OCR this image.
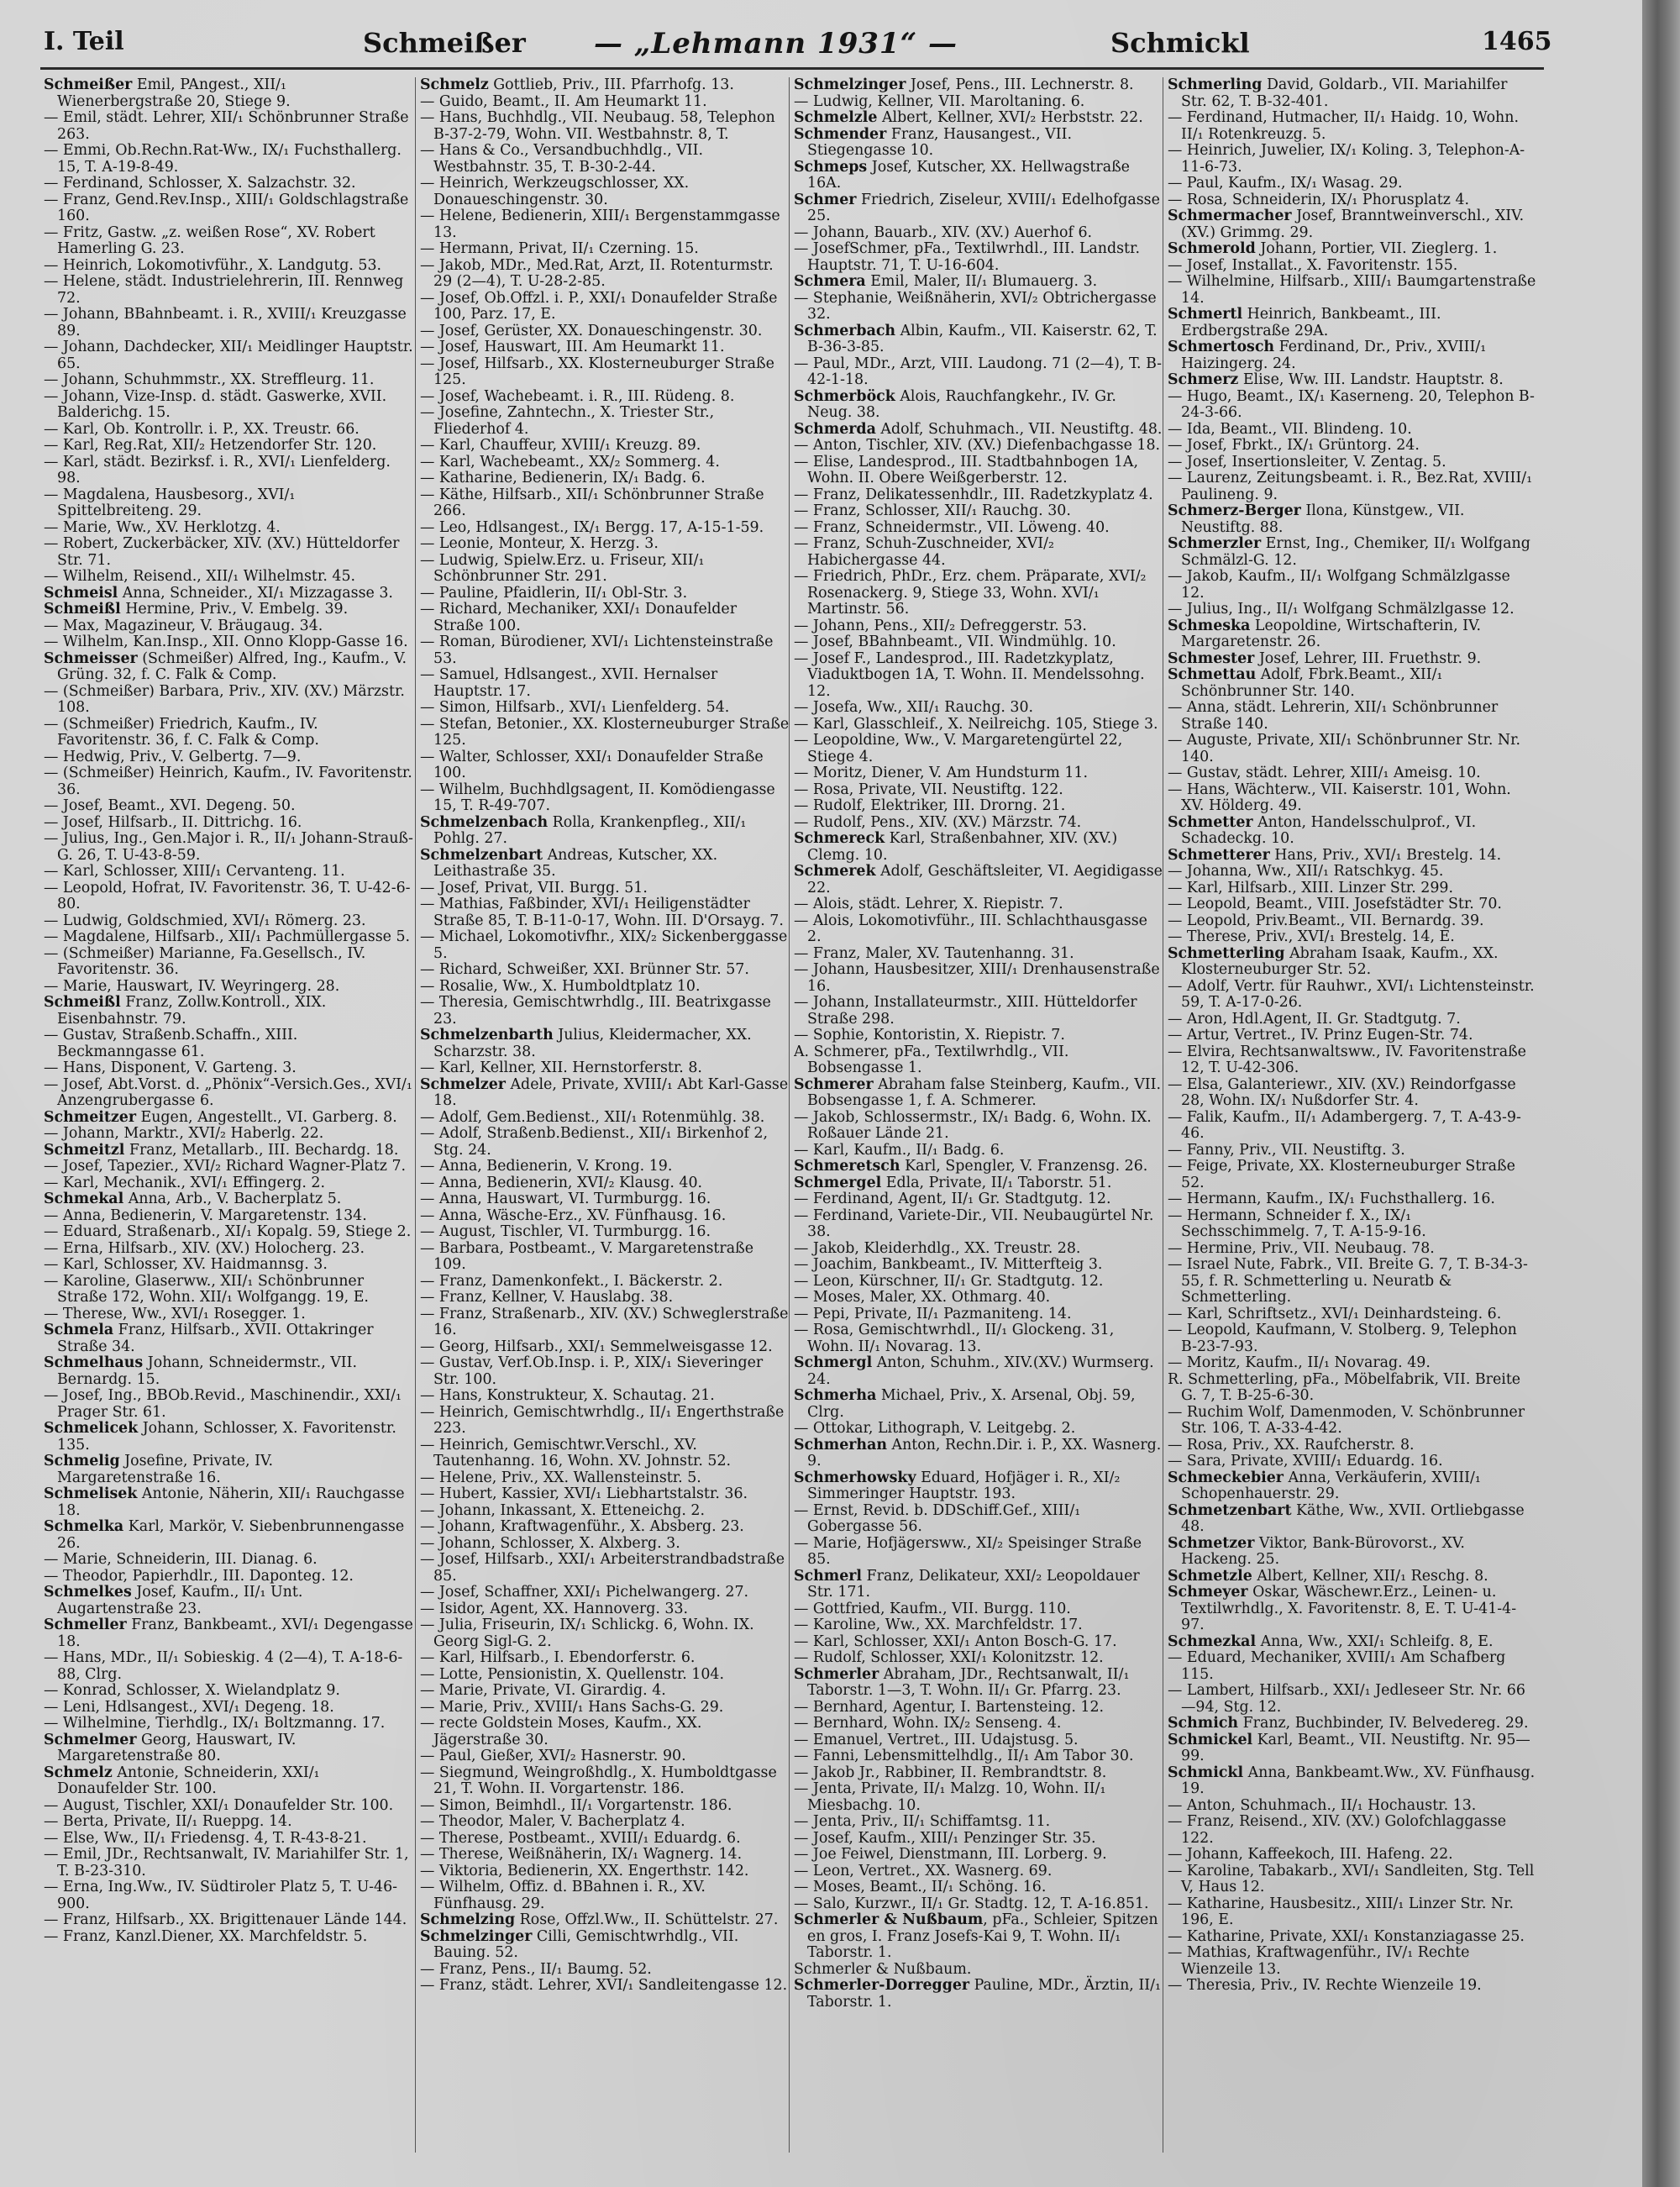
I. Teil	Schmeißer — „Lehmann 1931“ —	Schmickl	1465

Schmeißer Emil, PAngest., XII/₁ Wienerbergstraße 20, Stiege 9.

— Emil, städt. Lehrer, XII/₁ Schönbrunner Straße 263.

— Emmi, Ob.Rechn.Rat-Ww., IX/₁ Fuchsthallerg. 15, T. A-19-8-49.

— Ferdinand, Schlosser, X. Salzachstr. 32.

— Franz, Gend.Rev.Insp., XIII/₁ Goldschlagstraße 160.

— Fritz, Gastw. „z. weißen Rose“, XV. Robert Hamerling G. 23.

— Heinrich, Lokomotivführ., X. Landgutg. 53.

— Helene, städt. Industrielehrerin, III. Rennweg 72.

— Johann, BBahnbeamt. i. R., XVIII/₁ Kreuzgasse 89.

— Johann, Dachdecker, XII/₁ Meidlinger Hauptstr. 65.

— Johann, Schuhmmstr., XX. Streffleurg. 11.

— Johann, Vize-Insp. d. städt. Gaswerke, XVII. Balderichg. 15.

— Karl, Ob. Kontrollr. i. P., XX. Treustr. 66.

— Karl, Reg.Rat, XII/₂ Hetzendorfer Str. 120.

— Karl, städt. Bezirksf. i. R., XVI/₁ Lienfelderg. 98.

— Magdalena, Hausbesorg., XVI/₁ Spittelbreiteng. 29.

— Marie, Ww., XV. Herklotzg. 4.

— Robert, Zuckerbäcker, XIV. (XV.) Hütteldorfer Str. 71.

— Wilhelm, Reisend., XII/₁ Wilhelmstr. 45.

Schmeisl Anna, Schneider., XI/₁ Mizzagasse 3.

Schmeißl Hermine, Priv., V. Embelg. 39.

— Max, Magazineur, V. Bräugaug. 34.

— Wilhelm, Kan.Insp., XII. Onno Klopp-Gasse 16.

Schmeisser (Schmeißer) Alfred, Ing., Kaufm., V. Grüng. 32, f. C. Falk & Comp.

— (Schmeißer) Barbara, Priv., XIV. (XV.) Märzstr. 108.

— (Schmeißer) Friedrich, Kaufm., IV. Favoritenstr. 36, f. C. Falk & Comp.

— Hedwig, Priv., V. Gelbertg. 7—9.

— (Schmeißer) Heinrich, Kaufm., IV. Favoritenstr. 36.

— Josef, Beamt., XVI. Degeng. 50.

— Josef, Hilfsarb., II. Dittrichg. 16.

— Julius, Ing., Gen.Major i. R., II/₁ Johann-Strauß-G. 26, T. U-43-8-59.

— Karl, Schlosser, XIII/₁ Cervanteng. 11.

— Leopold, Hofrat, IV. Favoritenstr. 36, T. U-42-6-80.

— Ludwig, Goldschmied, XVI/₁ Römerg. 23.

— Magdalene, Hilfsarb., XII/₁ Pachmüllergasse 5.

— (Schmeißer) Marianne, Fa.Gesellsch., IV. Favoritenstr. 36.

— Marie, Hauswart, IV. Weyringerg. 28.

Schmeißl Franz, Zollw.Kontroll., XIX. Eisenbahnstr. 79.

— Gustav, Straßenb.Schaffn., XIII. Beckmanngasse 61.

— Hans, Disponent, V. Garteng. 3.

— Josef, Abt.Vorst. d. „Phönix“-Versich.Ges., XVI/₁ Anzengrubergasse 6.

Schmeitzer Eugen, Angestellt., VI. Garberg. 8.

— Johann, Marktr., XVI/₂ Haberlg. 22.

Schmeitzl Franz, Metallarb., III. Bechardg. 18.

— Josef, Tapezier., XVI/₂ Richard Wagner-Platz 7.

— Karl, Mechanik., XVI/₁ Effingerg. 2.

Schmekal Anna, Arb., V. Bacherplatz 5.

— Anna, Bedienerin, V. Margaretenstr. 134.

— Eduard, Straßenarb., XI/₁ Kopalg. 59, Stiege 2.

— Erna, Hilfsarb., XIV. (XV.) Holocherg. 23.

— Karl, Schlosser, XV. Haidmannsg. 3.

— Karoline, Glaserww., XII/₁ Schönbrunner Straße 172, Wohn. XII/₁ Wolfgangg. 19, E.

— Therese, Ww., XVI/₁ Rosegger. 1.

Schmela Franz, Hilfsarb., XVII. Ottakringer Straße 34.

Schmelhaus Johann, Schneidermstr., VII. Bernardg. 15.

— Josef, Ing., BBOb.Revid., Maschinendir., XXI/₁ Prager Str. 61.

Schmelicek Johann, Schlosser, X. Favoritenstr. 135.

Schmelig Josefine, Private, IV. Margaretenstraße 16.

Schmelisek Antonie, Näherin, XII/₁ Rauchgasse 18.

Schmelka Karl, Markör, V. Siebenbrunnengasse 26.

— Marie, Schneiderin, III. Dianag. 6.

— Theodor, Papierhdlr., III. Daponteg. 12.

Schmelkes Josef, Kaufm., II/₁ Unt. Augartenstraße 23.

Schmeller Franz, Bankbeamt., XVI/₁ Degengasse 18.

— Hans, MDr., II/₁ Sobieskig. 4 (2—4), T. A-18-6-88, Clrg.

— Konrad, Schlosser, X. Wielandplatz 9.

— Leni, Hdlsangest., XVI/₁ Degeng. 18.

— Wilhelmine, Tierhdlg., IX/₁ Boltzmanng. 17.

Schmelmer Georg, Hauswart, IV. Margaretenstraße 80.

Schmelz Antonie, Schneiderin, XXI/₁ Donaufelder Str. 100.

— August, Tischler, XXI/₁ Donaufelder Str. 100.

— Berta, Private, II/₁ Rueppg. 14.

— Else, Ww., II/₁ Friedensg. 4, T. R-43-8-21.

— Emil, JDr., Rechtsanwalt, IV. Mariahilfer Str. 1, T. B-23-310.

— Erna, Ing.Ww., IV. Südtiroler Platz 5, T. U-46-900.

— Franz, Hilfsarb., XX. Brigittenauer Lände 144.

— Franz, Kanzl.Diener, XX. Marchfeldstr. 5.

Schmelz Gottlieb, Priv., III. Pfarrhofg. 13.

— Guido, Beamt., II. Am Heumarkt 11.

— Hans, Buchhdlg., VII. Neubaug. 58, Telephon B-37-2-79, Wohn. VII. Westbahnstr. 8, T.

— Hans & Co., Versandbuchhdlg., VII. Westbahnstr. 35, T. B-30-2-44.

— Heinrich, Werkzeugschlosser, XX. Donaueschingenstr. 30.

— Helene, Bedienerin, XIII/₁ Bergenstammgasse 13.

— Hermann, Privat, II/₁ Czerning. 15.

— Jakob, MDr., Med.Rat, Arzt, II. Rotenturmstr. 29 (2—4), T. U-28-2-85.

— Josef, Ob.Offzl. i. P., XXI/₁ Donaufelder Straße 100, Parz. 17, E.

— Josef, Gerüster, XX. Donaueschingenstr. 30.

— Josef, Hauswart, III. Am Heumarkt 11.

— Josef, Hilfsarb., XX. Klosterneuburger Straße 125.

— Josef, Wachebeamt. i. R., III. Rüdeng. 8.

— Josefine, Zahntechn., X. Triester Str., Fliederhof 4.

— Karl, Chauffeur, XVIII/₁ Kreuzg. 89.

— Karl, Wachebeamt., XX/₂ Sommerg. 4.

— Katharine, Bedienerin, IX/₁ Badg. 6.

— Käthe, Hilfsarb., XII/₁ Schönbrunner Straße 266.

— Leo, Hdlsangest., IX/₁ Bergg. 17, A-15-1-59.

— Leonie, Monteur, X. Herzg. 3.

— Ludwig, Spielw.Erz. u. Friseur, XII/₁ Schönbrunner Str. 291.

— Pauline, Pfaidlerin, II/₁ Obl-Str. 3.

— Richard, Mechaniker, XXI/₁ Donaufelder Straße 100.

— Roman, Bürodiener, XVI/₁ Lichtensteinstraße 53.

— Samuel, Hdlsangest., XVII. Hernalser Hauptstr. 17.

— Simon, Hilfsarb., XVI/₁ Lienfelderg. 54.

— Stefan, Betonier., XX. Klosterneuburger Straße 125.

— Walter, Schlosser, XXI/₁ Donaufelder Straße 100.

— Wilhelm, Buchhdlgsagent, II. Komödiengasse 15, T. R-49-707.

Schmelzenbach Rolla, Krankenpfleg., XII/₁ Pohlg. 27.

Schmelzenbart Andreas, Kutscher, XX. Leithastraße 35.

— Josef, Privat, VII. Burgg. 51.

— Mathias, Faßbinder, XVI/₁ Heiligenstädter Straße 85, T. B-11-0-17, Wohn. III. D'Orsayg. 7.

— Michael, Lokomotivfhr., XIX/₂ Sickenberggasse 5.

— Richard, Schweißer, XXI. Brünner Str. 57.

— Rosalie, Ww., X. Humboldtplatz 10.

— Theresia, Gemischtwrhdlg., III. Beatrixgasse 23.

Schmelzenbarth Julius, Kleidermacher, XX. Scharzstr. 38.

— Karl, Kellner, XII. Hernstorferstr. 8.

Schmelzer Adele, Private, XVIII/₁ Abt Karl-Gasse 18.

— Adolf, Gem.Bedienst., XII/₁ Rotenmühlg. 38.

— Adolf, Straßenb.Bedienst., XII/₁ Birkenhof 2, Stg. 24.

— Anna, Bedienerin, V. Krong. 19.

— Anna, Bedienerin, XVI/₂ Klausg. 40.

— Anna, Hauswart, VI. Turmburgg. 16.

— Anna, Wäsche-Erz., XV. Fünfhausg. 16.

— August, Tischler, VI. Turmburgg. 16.

— Barbara, Postbeamt., V. Margaretenstraße 109.

— Franz, Damenkonfekt., I. Bäckerstr. 2.

— Franz, Kellner, V. Hauslabg. 38.

— Franz, Straßenarb., XIV. (XV.) Schweglerstraße 16.

— Georg, Hilfsarb., XXI/₁ Semmelweisgasse 12.

— Gustav, Verf.Ob.Insp. i. P., XIX/₁ Sieveringer Str. 100.

— Hans, Konstrukteur, X. Schautag. 21.

— Heinrich, Gemischtwrhdlg., II/₁ Engerthstraße 223.

— Heinrich, Gemischtwr.Verschl., XV. Tautenhanng. 16, Wohn. XV. Johnstr. 52.

— Helene, Priv., XX. Wallensteinstr. 5.

— Hubert, Kassier, XVI/₁ Liebhartstalstr. 36.

— Johann, Inkassant, X. Etteneichg. 2.

— Johann, Kraftwagenführ., X. Absberg. 23.

— Johann, Schlosser, X. Alxberg. 3.

— Josef, Hilfsarb., XXI/₁ Arbeiterstrandbadstraße 85.

— Josef, Schaffner, XXI/₁ Pichelwangerg. 27.

— Isidor, Agent, XX. Hannoverg. 33.

— Julia, Friseurin, IX/₁ Schlickg. 6, Wohn. IX. Georg Sigl-G. 2.

— Karl, Hilfsarb., I. Ebendorferstr. 6.

— Lotte, Pensionistin, X. Quellenstr. 104.

— Marie, Private, VI. Girardig. 4.

— Marie, Priv., XVIII/₁ Hans Sachs-G. 29.

— recte Goldstein Moses, Kaufm., XX. Jägerstraße 30.

— Paul, Gießer, XVI/₂ Hasnerstr. 90.

— Siegmund, Weingroßhdlg., X. Humboldtgasse 21, T. Wohn. II. Vorgartenstr. 186.

— Simon, Beimhdl., II/₁ Vorgartenstr. 186.

— Theodor, Maler, V. Bacherplatz 4.

— Therese, Postbeamt., XVIII/₁ Eduardg. 6.

— Therese, Weißnäherin, IX/₁ Wagnerg. 14.

— Viktoria, Bedienerin, XX. Engerthstr. 142.

— Wilhelm, Offiz. d. BBahnen i. R., XV. Fünfhausg. 29.

Schmelzing Rose, Offzl.Ww., II. Schüttelstr. 27.

Schmelzinger Cilli, Gemischtwrhdlg., VII. Bauing. 52.

— Franz, Pens., II/₁ Baumg. 52.

— Franz, städt. Lehrer, XVI/₁ Sandleitengasse 12.

Schmelzinger Josef, Pens., III. Lechnerstr. 8.

— Ludwig, Kellner, VII. Maroltaning. 6.

Schmelzle Albert, Kellner, XVI/₂ Herbststr. 22.

Schmender Franz, Hausangest., VII. Stiegengasse 10.

Schmeps Josef, Kutscher, XX. Hellwagstraße 16A.

Schmer Friedrich, Ziseleur, XVIII/₁ Edelhofgasse 25.

— Johann, Bauarb., XIV. (XV.) Auerhof 6.

— JosefSchmer, pFa., Textilwrhdl., III. Landstr. Hauptstr. 71, T. U-16-604.

Schmera Emil, Maler, II/₁ Blumauerg. 3.

— Stephanie, Weißnäherin, XVI/₂ Obtrichergasse 32.

Schmerbach Albin, Kaufm., VII. Kaiserstr. 62, T. B-36-3-85.

— Paul, MDr., Arzt, VIII. Laudong. 71 (2—4), T. B-42-1-18.

Schmerböck Alois, Rauchfangkehr., IV. Gr. Neug. 38.

Schmerda Adolf, Schuhmach., VII. Neustiftg. 48.

— Anton, Tischler, XIV. (XV.) Diefenbachgasse 18.

— Elise, Landesprod., III. Stadtbahnbogen 1A, Wohn. II. Obere Weißgerberstr. 12.

— Franz, Delikatessenhdlr., III. Radetzkyplatz 4.

— Franz, Schlosser, XII/₁ Rauchg. 30.

— Franz, Schneidermstr., VII. Löweng. 40.

— Franz, Schuh-Zuschneider, XVI/₂ Habichergasse 44.

— Friedrich, PhDr., Erz. chem. Präparate, XVI/₂ Rosenackerg. 9, Stiege 33, Wohn. XVI/₁ Martinstr. 56.

— Johann, Pens., XII/₂ Defreggerstr. 53.

— Josef, BBahnbeamt., VII. Windmühlg. 10.

— Josef F., Landesprod., III. Radetzkyplatz, Viaduktbogen 1A, T. Wohn. II. Mendelssohng. 12.

— Josefa, Ww., XII/₁ Rauchg. 30.

— Karl, Glasschleif., X. Neilreichg. 105, Stiege 3.

— Leopoldine, Ww., V. Margaretengürtel 22, Stiege 4.

— Moritz, Diener, V. Am Hundsturm 11.

— Rosa, Private, VII. Neustiftg. 122.

— Rudolf, Elektriker, III. Drorng. 21.

— Rudolf, Pens., XIV. (XV.) Märzstr. 74.

Schmereck Karl, Straßenbahner, XIV. (XV.) Clemg. 10.

Schmerek Adolf, Geschäftsleiter, VI. Aegidigasse 22.

— Alois, städt. Lehrer, X. Riepistr. 7.

— Alois, Lokomotivführ., III. Schlachthausgasse 2.

— Franz, Maler, XV. Tautenhanng. 31.

— Johann, Hausbesitzer, XIII/₁ Drenhausenstraße 16.

— Johann, Installateurmstr., XIII. Hütteldorfer Straße 298.

— Sophie, Kontoristin, X. Riepistr. 7.

A. Schmerer, pFa., Textilwrhdlg., VII. Bobsengasse 1.

Schmerer Abraham false Steinberg, Kaufm., VII. Bobsengasse 1, f. A. Schmerer.

— Jakob, Schlossermstr., IX/₁ Badg. 6, Wohn. IX. Roßauer Lände 21.

— Karl, Kaufm., II/₁ Badg. 6.

Schmeretsch Karl, Spengler, V. Franzensg. 26.

Schmergel Edla, Private, II/₁ Taborstr. 51.

— Ferdinand, Agent, II/₁ Gr. Stadtgutg. 12.

— Ferdinand, Variete-Dir., VII. Neubaugürtel Nr. 38.

— Jakob, Kleiderhdlg., XX. Treustr. 28.

— Joachim, Bankbeamt., IV. Mitterfteig 3.

— Leon, Kürschner, II/₁ Gr. Stadtgutg. 12.

— Moses, Maler, XX. Othmarg. 40.

— Pepi, Private, II/₁ Pazmaniteng. 14.

— Rosa, Gemischtwrhdl., II/₁ Glockeng. 31, Wohn. II/₁ Novarag. 13.

Schmergl Anton, Schuhm., XIV.(XV.) Wurmserg. 24.

Schmerha Michael, Priv., X. Arsenal, Obj. 59, Clrg.

— Ottokar, Lithograph, V. Leitgebg. 2.

Schmerhan Anton, Rechn.Dir. i. P., XX. Wasnerg. 9.

Schmerhowsky Eduard, Hofjäger i. R., XI/₂ Simmeringer Hauptstr. 193.

— Ernst, Revid. b. DDSchiff.Gef., XIII/₁ Gobergasse 56.

— Marie, Hofjägersww., XI/₂ Speisinger Straße 85.

Schmerl Franz, Delikateur, XXI/₂ Leopoldauer Str. 171.

— Gottfried, Kaufm., VII. Burgg. 110.

— Karoline, Ww., XX. Marchfeldstr. 17.

— Karl, Schlosser, XXI/₁ Anton Bosch-G. 17.

— Rudolf, Schlosser, XXI/₁ Kolonitzstr. 12.

Schmerler Abraham, JDr., Rechtsanwalt, II/₁ Taborstr. 1—3, T. Wohn. II/₁ Gr. Pfarrg. 23.

— Bernhard, Agentur, I. Bartensteing. 12.

— Bernhard, Wohn. IX/₂ Senseng. 4.

— Emanuel, Vertret., III. Udajstusg. 5.

— Fanni, Lebensmittelhdlg., II/₁ Am Tabor 30.

— Jakob Jr., Rabbiner, II. Rembrandtstr. 8.

— Jenta, Private, II/₁ Malzg. 10, Wohn. II/₁ Miesbachg. 10.

— Jenta, Priv., II/₁ Schiffamtsg. 11.

— Josef, Kaufm., XIII/₁ Penzinger Str. 35.

— Joe Feiwel, Dienstmann, III. Lorberg. 9.

— Leon, Vertret., XX. Wasnerg. 69.

— Moses, Beamt., II/₁ Schöng. 16.

— Salo, Kurzwr., II/₁ Gr. Stadtg. 12, T. A-16.851.

Schmerler & Nußbaum, pFa., Schleier, Spitzen en gros, I. Franz Josefs-Kai 9, T. Wohn. II/₁ Taborstr. 1.

Schmerler & Nußbaum.

Schmerler-Dorregger Pauline, MDr., Ärztin, II/₁ Taborstr. 1.

Schmerling David, Goldarb., VII. Mariahilfer Str. 62, T. B-32-401.

— Ferdinand, Hutmacher, II/₁ Haidg. 10, Wohn. II/₁ Rotenkreuzg. 5.

— Heinrich, Juwelier, IX/₁ Koling. 3, Telephon-A-11-6-73.

— Paul, Kaufm., IX/₁ Wasag. 29.

— Rosa, Schneiderin, IX/₁ Phorusplatz 4.

Schmermacher Josef, Branntweinverschl., XIV. (XV.) Grimmg. 29.

Schmerold Johann, Portier, VII. Zieglerg. 1.

— Josef, Installat., X. Favoritenstr. 155.

— Wilhelmine, Hilfsarb., XIII/₁ Baumgartenstraße 14.

Schmertl Heinrich, Bankbeamt., III. Erdbergstraße 29A.

Schmertosch Ferdinand, Dr., Priv., XVIII/₁ Haizingerg. 24.

Schmerz Elise, Ww. III. Landstr. Hauptstr. 8.

— Hugo, Beamt., IX/₁ Kaserneng. 20, Telephon B-24-3-66.

— Ida, Beamt., VII. Blindeng. 10.

— Josef, Fbrkt., IX/₁ Grüntorg. 24.

— Josef, Insertionsleiter, V. Zentag. 5.

— Laurenz, Zeitungsbeamt. i. R., Bez.Rat, XVIII/₁ Paulineng. 9.

Schmerz-Berger Ilona, Künstgew., VII. Neustiftg. 88.

Schmerzler Ernst, Ing., Chemiker, II/₁ Wolfgang Schmälzl-G. 12.

— Jakob, Kaufm., II/₁ Wolfgang Schmälzlgasse 12.

— Julius, Ing., II/₁ Wolfgang Schmälzlgasse 12.

Schmeska Leopoldine, Wirtschafterin, IV. Margaretenstr. 26.

Schmester Josef, Lehrer, III. Fruethstr. 9.

Schmettau Adolf, Fbrk.Beamt., XII/₁ Schönbrunner Str. 140.

— Anna, städt. Lehrerin, XII/₁ Schönbrunner Straße 140.

— Auguste, Private, XII/₁ Schönbrunner Str. Nr. 140.

— Gustav, städt. Lehrer, XIII/₁ Ameisg. 10.

— Hans, Wächterw., VII. Kaiserstr. 101, Wohn. XV. Hölderg. 49.

Schmetter Anton, Handelsschulprof., VI. Schadeckg. 10.

Schmetterer Hans, Priv., XVI/₁ Brestelg. 14.

— Johanna, Ww., XII/₁ Ratschkyg. 45.

— Karl, Hilfsarb., XIII. Linzer Str. 299.

— Leopold, Beamt., VIII. Josefstädter Str. 70.

— Leopold, Priv.Beamt., VII. Bernardg. 39.

— Therese, Priv., XVI/₁ Brestelg. 14, E.

Schmetterling Abraham Isaak, Kaufm., XX. Klosterneuburger Str. 52.

— Adolf, Vertr. für Rauhwr., XVI/₁ Lichtensteinstr. 59, T. A-17-0-26.

— Aron, Hdl.Agent, II. Gr. Stadtgutg. 7.

— Artur, Vertret., IV. Prinz Eugen-Str. 74.

— Elvira, Rechtsanwaltsww., IV. Favoritenstraße 12, T. U-42-306.

— Elsa, Galanteriewr., XIV. (XV.) Reindorfgasse 28, Wohn. IX/₁ Nußdorfer Str. 4.

— Falik, Kaufm., II/₁ Adambergerg. 7, T. A-43-9-46.

— Fanny, Priv., VII. Neustiftg. 3.

— Feige, Private, XX. Klosterneuburger Straße 52.

— Hermann, Kaufm., IX/₁ Fuchsthallerg. 16.

— Hermann, Schneider f. X., IX/₁ Sechsschimmelg. 7, T. A-15-9-16.

— Hermine, Priv., VII. Neubaug. 78.

— Israel Nute, Fabrk., VII. Breite G. 7, T. B-34-3-55, f. R. Schmetterling u. Neuratb & Schmetterling.

— Karl, Schriftsetz., XVI/₁ Deinhardsteing. 6.

— Leopold, Kaufmann, V. Stolberg. 9, Telephon B-23-7-93.

— Moritz, Kaufm., II/₁ Novarag. 49.

R. Schmetterling, pFa., Möbelfabrik, VII. Breite G. 7, T. B-25-6-30.

— Ruchim Wolf, Damenmoden, V. Schönbrunner Str. 106, T. A-33-4-42.

— Rosa, Priv., XX. Raufcherstr. 8.

— Sara, Private, XVIII/₁ Eduardg. 16.

Schmeckebier Anna, Verkäuferin, XVIII/₁ Schopenhauerstr. 29.

Schmetzenbart Käthe, Ww., XVII. Ortliebgasse 48.

Schmetzer Viktor, Bank-Bürovorst., XV. Hackeng. 25.

Schmetzle Albert, Kellner, XII/₁ Reschg. 8.

Schmeyer Oskar, Wäschewr.Erz., Leinen- u. Textilwrhdlg., X. Favoritenstr. 8, E. T. U-41-4-97.

Schmezkal Anna, Ww., XXI/₁ Schleifg. 8, E.

— Eduard, Mechaniker, XVIII/₁ Am Schafberg 115.

— Lambert, Hilfsarb., XXI/₁ Jedleseer Str. Nr. 66—94, Stg. 12.

Schmich Franz, Buchbinder, IV. Belvedereg. 29.

Schmickel Karl, Beamt., VII. Neustiftg. Nr. 95—99.

Schmickl Anna, Bankbeamt.Ww., XV. Fünfhausg. 19.

— Anton, Schuhmach., II/₁ Hochaustr. 13.

— Franz, Reisend., XIV. (XV.) Golofchlaggasse 122.

— Johann, Kaffeekoch, III. Hafeng. 22.

— Karoline, Tabakarb., XVI/₁ Sandleiten, Stg. Tell V, Haus 12.

— Katharine, Hausbesitz., XIII/₁ Linzer Str. Nr. 196, E.

— Katharine, Private, XXI/₁ Konstanziagasse 25.

— Mathias, Kraftwagenführ., IV/₁ Rechte Wienzeile 13.

— Theresia, Priv., IV. Rechte Wienzeile 19.
